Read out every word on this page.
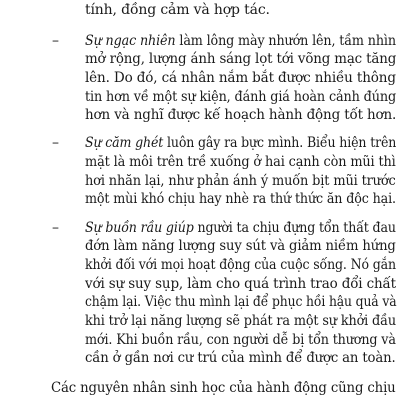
tính, đồng cảm và hợp tác.
– Sự ngạc nhiên làm lông mày nhướn lên, tầm nhìn
mở rộng, lượng ánh sáng lọt tới võng mạc tăng
lên. Do đó, cá nhân nắm bắt được nhiều thông
tin hơn về một sự kiện, đánh giá hoàn cảnh đúng
hơn và nghĩ được kế hoạch hành động tốt hơn.
– Sự căm ghét luôn gây ra bực mình. Biểu hiện trên
mặt là môi trên trề xuống ở hai cạnh còn mũi thì
hơi nhăn lại, như phản ánh ý muốn bịt mũi trước
một mùi khó chịu hay nhè ra thứ thức ăn độc hại.
– Sự buồn rầu giúp người ta chịu đựng tổn thất đau
đớn làm năng lượng suy sút và giảm niềm hứng
khởi đối với mọi hoạt động của cuộc sống. Nó gắn
với sự suy sụp, làm cho quá trình trao đổi chất
chậm lại. Việc thu mình lại để phục hồi hậu quả và
khi trở lại năng lượng sẽ phát ra một sự khởi đầu
mới. Khi buồn rầu, con người dễ bị tổn thương và
cần ở gần nơi cư trú của mình để được an toàn.
Các nguyên nhân sinh học của hành động cũng chịu
